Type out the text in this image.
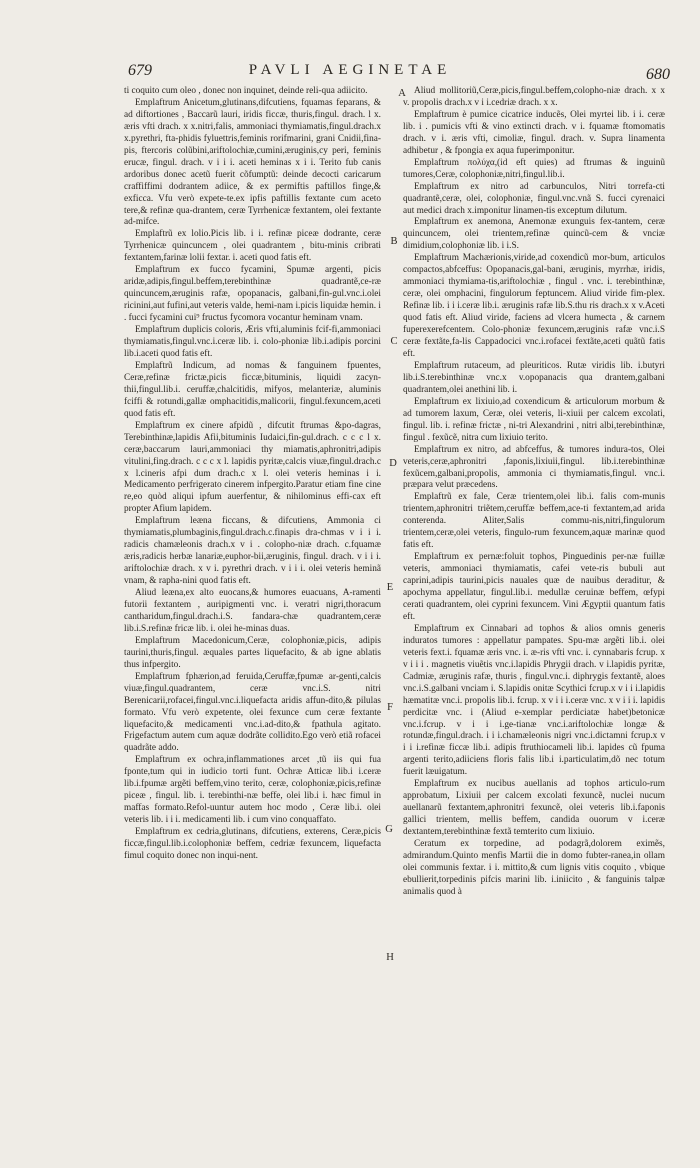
679	PAVLI AEGINETAE	680

ti coquito cum oleo , donec non inquinet, deinde reli-qua adiicito.

Emplaftrum Anicetum,glutinans,difcutiens, fquamas feparans, & ad diftortiones , Baccarũ lauri, iridis ficcæ, thuris,fingul. drach. l x. æris vfti drach. x x.nitri,falis, ammoniaci thymiamatis,fingul.drach.x x.pyrethri, fta-phidis fyluettris,feminis rorifmarini, grani Cnidii,fina-pis, ftercoris colũbini,ariftolochiæ,cumini,æruginis,cy peri, feminis erucæ, fingul. drach. v i i i. aceti heminas x i i. Terito fub canis ardoribus donec acetũ fuerit cõfumptũ: deinde decocti caricarum craffiffimi dodrantem adiice, & ex permiftis paftillos finge,& exficca. Vfu verò expete-te.ex ipfis paftillis fextante cum aceto tere,& refinæ qua-drantem, ceræ Tyrrhenicæ fextantem, olei fextante ad-mifce.

Emplaftrũ ex lolio.Picis lib. i i. refinæ piceæ dodrante, ceræ Tyrrhenicæ quincuncem , olei quadrantem , bitu-minis cribrati fextantem,farinæ lolii fextar. i. aceti quod fatis eft.

Emplaftrum ex fucco fycamini, Spumæ argenti, picis aridæ,adipis,fingul.beffem,terebinthinæ quadrantẽ,ce-ræ quincuncem,æruginis rafæ, opopanacis, galbani,fin-gul.vnc.i.olei ricinini,aut fufini,aut veteris valde, hemi-nam i.picis liquidæ hemin. i . fucci fycamini cui⁹ fructus fycomora vocantur heminam vnam.

Emplaftrum duplicis coloris, Æris vfti,aluminis fcif-fi,ammoniaci thymiamatis,fingul.vnc.i.ceræ lib. i. colo-phoniæ lib.i.adipis porcini lib.i.aceti quod fatis eft.

Emplaftrũ Indicum, ad nomas & fanguinem fpuentes, Ceræ,refinæ frictæ,picis ficcæ,bituminis, liquidi zacyn-thii,fingul.lib.i. ceruffæ,chalcitidis, mifyos, melanteriæ, aluminis fciffi & rotundi,gallæ omphacitidis,malicorii, fingul.fexuncem,aceti quod fatis eft.

Emplaftrum ex cinere afpidũ , difcutit ftrumas &po-dagras, Terebinthinæ,lapidis Afii,bituminis Iudaici,fin-gul.drach. c c c l x. ceræ,baccarum lauri,ammoniaci thy miamatis,aphronitri,adipis vitulini,fing.drach. c c c x l. lapidis pyritæ,calcis viuæ,fingul.drach.c x l.cineris afpi dum drach.c x l. olei veteris heminas i i. Medicamento perfrigerato cinerem infpergito.Paratur etiam fine cine re,eo quòd aliqui ipfum auerfentur, & nihilominus effi-cax eft propter Afium lapidem.

Emplaftrum leæna ficcans, & difcutiens, Ammonia ci thymiamatis,plumbaginis,fingul.drach.c.finapis dra-chmas v i i i. radicis chamæleonis drach.x v i . colopho-niæ drach. c.fquamæ æris,radicis herbæ lanariæ,euphor-bii,æruginis, fingul. drach. v i i i. ariftolochiæ drach. x v i. pyrethri drach. v i i i. olei veteris heminã vnam, & rapha-nini quod fatis eft.

Aliud leæna,ex alto euocans,& humores euacuans, A-ramenti futorii fextantem , auripigmenti vnc. i. veratri nigri,thoracum cantharidum,fingul.drach.i.S. fandara-chæ quadrantem,ceræ lib.i.S.refinæ fricæ lib. i. olei he-minas duas.

Emplaftrum Macedonicum,Ceræ, colophoniæ,picis, adipis taurini,thuris,fingul. æquales partes liquefacito, & ab igne ablatis thus infpergito.

Emplaftrum fphærion,ad feruida,Ceruffæ,fpumæ ar-genti,calcis viuæ,fingul.quadrantem, ceræ vnc.i.S. nitri Berenicarii,rofacei,fingul.vnc.i.liquefacta aridis affun-dito,& pilulas formato. Vfu verò expetente, olei fexunce cum ceræ fextante liquefacito,& medicamenti vnc.i.ad-dito,& fpathula agitato. Frigefactum autem cum aquæ dodrãte collidito.Ego verò etiã rofacei quadrãte addo.

Emplaftrum ex ochra,inflammationes arcet ,tũ iis qui fua fponte,tum qui in iudicio torti funt. Ochræ Atticæ lib.i i.ceræ lib.i.fpumæ argẽti beffem,vino terito, ceræ, colophoniæ,picis,refinæ piceæ , fingul. lib. i. terebinthi-næ beffe, olei lib.i i. hæc fimul in maffas formato.Refol-uuntur autem hoc modo , Ceræ lib.i. olei veteris lib. i i i. medicamenti lib. i cum vino conquaffato.

Emplaftrum ex cedria,glutinans, difcutiens, exterens, Ceræ,picis ficcæ,fingul.lib.i.colophoniæ beffem, cedriæ fexuncem, liquefacta fimul coquito donec non inqui-nent.

Aliud mollitoriũ,Ceræ,picis,fingul.beffem,colopho-niæ drach. x x v. propolis drach.x v i i.cedriæ drach. x x.

Emplaftrum è pumice cicatrice inducẽs, Olei myrtei lib. i i. ceræ lib. i . pumicis vfti & vino extincti drach. v i. fquamæ ftomomatis drach. v i. æris vfti, cimoliæ, fingul. drach. v. Supra linamenta adhibetur , & fpongia ex aqua fuperimponitur.

Emplaftrum πολύχα,(id eft quies) ad ftrumas & inguinũ tumores,Ceræ, colophoniæ,nitri,fingul.lib.i.

Emplaftrum ex nitro ad carbunculos, Nitri torrefa-cti quadrantẽ,ceræ, olei, colophoniæ, fingul.vnc.vnã S. fucci cyrenaici aut medici drach x.imponitur linamen-tis exceptum dilutum.

Emplaftrum ex anemona, Anemonæ exunguis fex-tantem, ceræ quincuncem, olei trientem,refinæ quincũ-cem & vnciæ dimidium,colophoniæ lib. i i.S.

Emplaftrum Machærionis,viride,ad coxendicũ mor-bum, articulos compactos,abfceffus: Opopanacis,gal-bani, æruginis, myrrhæ, iridis, ammoniaci thymiama-tis,ariftolochiæ , fingul . vnc. i. terebinthinæ, ceræ, olei omphacini, fingulorum feptuncem. Aliud viride fim-plex. Refinæ lib. i i i.ceræ lib.i. æruginis rafæ lib.S.thu ris drach.x x v.Aceti quod fatis eft. Aliud viride, faciens ad vlcera humecta , & carnem fuperexerefcentem. Colo-phoniæ fexuncem,æruginis rafæ vnc.i.S ceræ fextãte,fa-lis Cappadocici vnc.i.rofacei fextãte,aceti quãtũ fatis eft.

Emplaftrum rutaceum, ad pleuriticos. Rutæ viridis lib. i.butyri lib.i.S.terebinthinæ vnc.x v.opopanacis qua drantem,galbani quadrantem,olei anethini lib. i.

Emplaftrum ex lixiuio,ad coxendicum & articulorum morbum & ad tumorem laxum, Ceræ, olei veteris, li-xiuii per calcem excolati, fingul. lib. i. refinæ frictæ , ni-tri Alexandrini , nitri albi,terebinthinæ, fingul . fexũcẽ, nitra cum lixiuio terito.

Emplaftrum ex nitro, ad abfceffus, & tumores indura-tos, Olei veteris,ceræ,aphronitri ,faponis,lixiuii,fingul. lib.i.terebinthinæ fexũcem,galbani,propolis, ammonia ci thymiamatis,fingul. vnc.i. præpara velut præcedens.

Emplaftrũ ex fale, Ceræ trientem,olei lib.i. falis com-munis trientem,aphronitri triẽtem,ceruffæ beffem,ace-ti fextantem,ad arida conterenda. Aliter,Salis commu-nis,nitri,fingulorum trientem,ceræ,olei veteris, fingulo-rum fexuncem,aquæ marinæ quod fatis eft.

Emplaftrum ex pernæ:foluit tophos, Pinguedinis per-næ fuillæ veteris, ammoniaci thymiamatis, cafei vete-ris bubuli aut caprini,adipis taurini,picis nauales quæ de nauibus deraditur, & apochyma appellatur, fingul.lib.i. medullæ ceruinæ beffem, œfypi cerati quadrantem, olei cyprini fexuncem. Vini Ægyptii quantum fatis eft.

Emplaftrum ex Cinnabari ad tophos & alios omnis generis induratos tumores : appellatur pampates. Spu-mæ argẽti lib.i. olei veteris fext.i. fquamæ æris vnc. i. æ-ris vfti vnc. i. cynnabaris fcrup. x v i i i . magnetis viuẽtis vnc.i.lapidis Phrygii drach. v i.lapidis pyritæ, Cadmiæ, æruginis rafæ, thuris , fingul.vnc.i. diphrygis fextantẽ, aloes vnc.i.S.galbani vnciam i. S.lapidis onitæ Scythici fcrup.x v i i i.lapidis hæmatitæ vnc.i. propolis lib.i. fcrup. x v i i i.ceræ vnc. x v i i i. lapidis perdicitæ vnc. i (Aliud e-xemplar perdiciatæ habet)betonicæ vnc.i.fcrup. v i i i.ge-tianæ vnc.i.ariftolochiæ longæ & rotundæ,fingul.drach. i i i.chamæleonis nigri vnc.i.dictamni fcrup.x v i i i.refinæ ficcæ lib.i. adipis ftruthiocameli lib.i. lapides cũ fpuma argenti terito,adiiciens floris falis lib.i i.particulatim,dõ nec totum fuerit læuigatum.

Emplaftrum ex nucibus auellanis ad tophos articulo-rum approbatum, Lixiuii per calcem excolati fexuncẽ, nuclei nucum auellanarũ fextantem,aphronitri fexuncẽ, olei veteris lib.i.faponis gallici trientem, mellis beffem, candida ouorum v i.ceræ dextantem,terebinthinæ fextã temterito cum lixiuio.

Ceratum ex torpedine, ad podagrã,dolorem eximẽs, admirandum.Quinto menfis Martii die in domo fubter-ranea,in ollam olei communis fextar. i i. mittito,& cum lignis vitis coquito , vbique ebullierit,torpedinis pifcis marini lib. i.iniicito , & fanguinis talpæ animalis quod à

A
B
C
D
E
F
G
H
